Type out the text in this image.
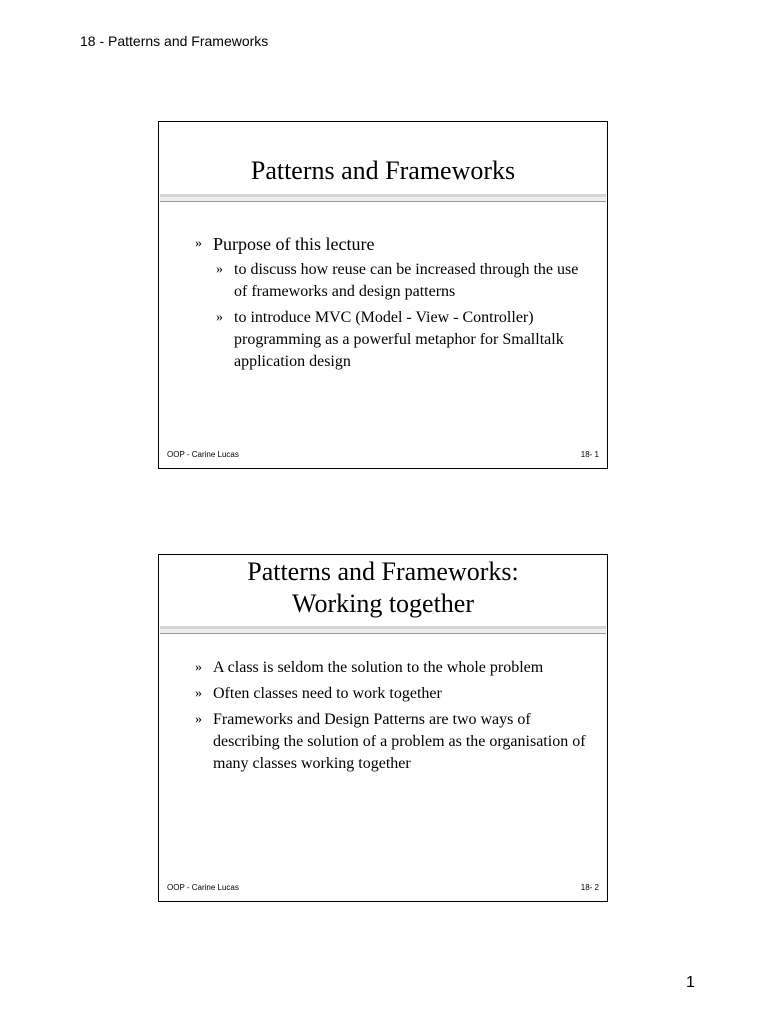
18 - Patterns and Frameworks
Patterns and Frameworks
» Purpose of this lecture
» to discuss how reuse can be increased through the use of frameworks and design patterns
» to introduce MVC (Model - View - Controller) programming as a powerful metaphor for Smalltalk application design
OOP - Carine Lucas	18- 1
Patterns and Frameworks:
Working together
» A class is seldom the solution to the whole problem
» Often classes need to work together
» Frameworks and Design Patterns are two ways of describing the solution of a problem as the organisation of many classes working together
OOP - Carine Lucas	18- 2
1
